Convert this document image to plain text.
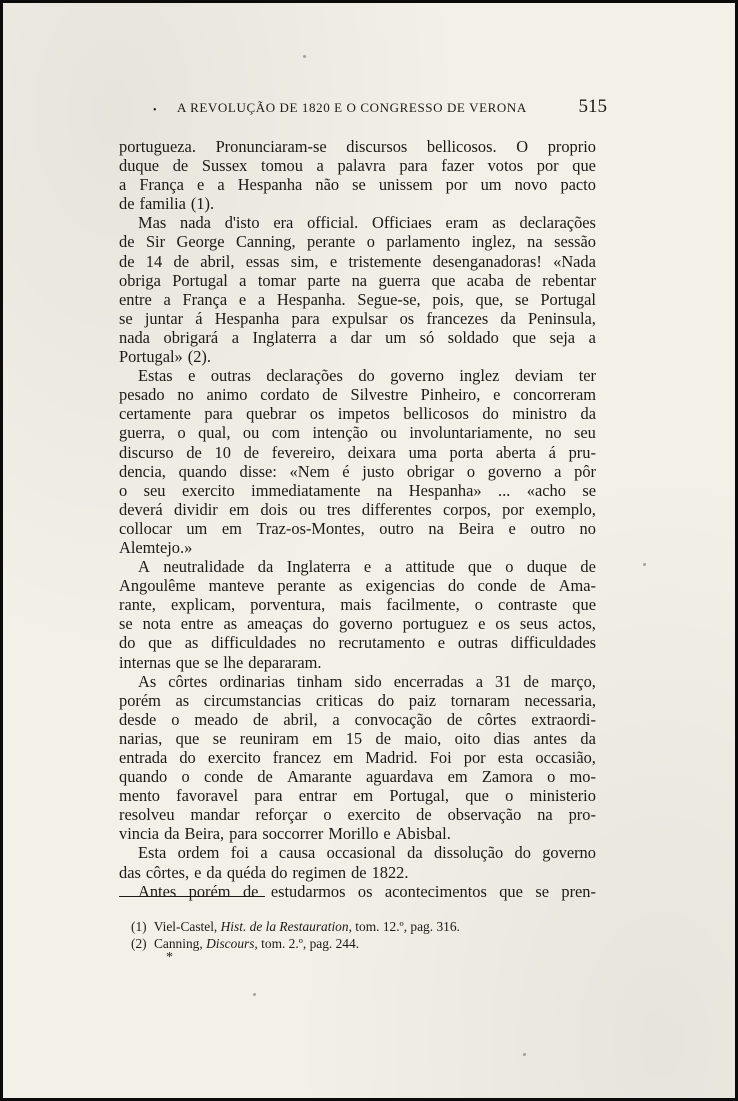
• A REVOLUÇÃO DE 1820 E O CONGRESSO DE VERONA	515
portugueza. Pronunciaram-se discursos bellicosos. O proprio
duque de Sussex tomou a palavra para fazer votos por que
a França e a Hespanha não se unissem por um novo pacto
de familia (1).
Mas nada d'isto era official. Officiaes eram as declarações
de Sir George Canning, perante o parlamento inglez, na sessão
de 14 de abril, essas sim, e tristemente desenganadoras! «Nada
obriga Portugal a tomar parte na guerra que acaba de rebentar
entre a França e a Hespanha. Segue-se, pois, que, se Portugal
se juntar á Hespanha para expulsar os francezes da Peninsula,
nada obrigará a Inglaterra a dar um só soldado que seja a
Portugal» (2).
Estas e outras declarações do governo inglez deviam ter
pesado no animo cordato de Silvestre Pinheiro, e concorreram
certamente para quebrar os impetos bellicosos do ministro da
guerra, o qual, ou com intenção ou involuntariamente, no seu
discurso de 10 de fevereiro, deixara uma porta aberta á pru-
dencia, quando disse: «Nem é justo obrigar o governo a pôr
o seu exercito immediatamente na Hespanha» ... «acho se
deverá dividir em dois ou tres differentes corpos, por exemplo,
collocar um em Traz-os-Montes, outro na Beira e outro no
Alemtejo.»
A neutralidade da Inglaterra e a attitude que o duque de
Angoulême manteve perante as exigencias do conde de Ama-
rante, explicam, porventura, mais facilmente, o contraste que
se nota entre as ameaças do governo portuguez e os seus actos,
do que as difficuldades no recrutamento e outras difficuldades
internas que se lhe depararam.
As côrtes ordinarias tinham sido encerradas a 31 de março,
porém as circumstancias criticas do paiz tornaram necessaria,
desde o meado de abril, a convocação de côrtes extraordi-
narias, que se reuniram em 15 de maio, oito dias antes da
entrada do exercito francez em Madrid. Foi por esta occasião,
quando o conde de Amarante aguardava em Zamora o mo-
mento favoravel para entrar em Portugal, que o ministerio
resolveu mandar reforçar o exercito de observação na pro-
vincia da Beira, para soccorrer Morillo e Abisbal.
Esta ordem foi a causa occasional da dissolução do governo
das côrtes, e da quéda do regimen de 1822.
Antes porém de estudarmos os acontecimentos que se pren-
(1) Viel-Castel, Hist. de la Restauration, tom. 12.º, pag. 316.
(2) Canning, Discours, tom. 2.º, pag. 244.
*
